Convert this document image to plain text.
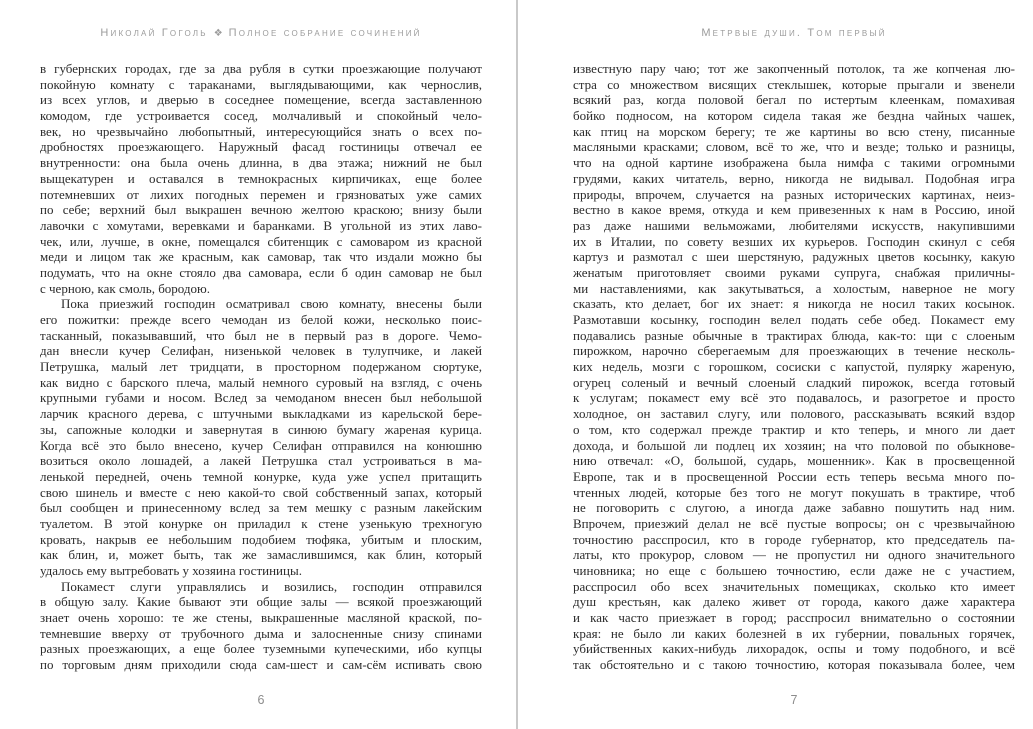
Николай Гоголь ❖ Полное собрание сочинений
в губернских городах, где за два рубля в сутки проезжающие получают
покойную комнату с тараканами, выглядывающими, как чернослив,
из всех углов, и дверью в соседнее помещение, всегда заставленною
комодом, где устроивается сосед, молчаливый и спокойный чело-
век, но чрезвычайно любопытный, интересующийся знать о всех по-
дробностях проезжающего. Наружный фасад гостиницы отвечал ее
внутренности: она была очень длинна, в два этажа; нижний не был
выщекатурен и оставался в темнокрасных кирпичиках, еще более
потемневших от лихих погодных перемен и грязноватых уже самих
по себе; верхний был выкрашен вечною желтою краскою; внизу были
лавочки с хомутами, веревками и баранками. В угольной из этих лаво-
чек, или, лучше, в окне, помещался сбитенщик с самоваром из красной
меди и лицом так же красным, как самовар, так что издали можно бы
подумать, что на окне стояло два самовара, если б один самовар не был
с черною, как смоль, бородою.
Пока приезжий господин осматривал свою комнату, внесены были
его пожитки: прежде всего чемодан из белой кожи, несколько поис-
тасканный, показывавший, что был не в первый раз в дороге. Чемо-
дан внесли кучер Селифан, низенькой человек в тулупчике, и лакей
Петрушка, малый лет тридцати, в просторном подержаном сюртуке,
как видно с барского плеча, малый немного суровый на взгляд, с очень
крупными губами и носом. Вслед за чемоданом внесен был небольшой
ларчик красного дерева, с штучными выкладками из карельской бере-
зы, сапожные колодки и завернутая в синюю бумагу жареная курица.
Когда всё это было внесено, кучер Селифан отправился на конюшню
возиться около лошадей, а лакей Петрушка стал устроиваться в ма-
ленькой передней, очень темной конурке, куда уже успел притащить
свою шинель и вместе с нею какой-то свой собственный запах, который
был сообщен и принесенному вслед за тем мешку с разным лакейским
туалетом. В этой конурке он приладил к стене узенькую трехногую
кровать, накрыв ее небольшим подобием тюфяка, убитым и плоским,
как блин, и, может быть, так же замаслившимся, как блин, который
удалось ему вытребовать у хозяина гостиницы.
Покамест слуги управлялись и возились, господин отправился
в общую залу. Какие бывают эти общие залы — всякой проезжающий
знает очень хорошо: те же стены, выкрашенные масляной краской, по-
темневшие вверху от трубочного дыма и залосненные снизу спинами
разных проезжающих, а еще более туземными купеческими, ибо купцы
по торговым дням приходили сюда сам-шест и сам-сём испивать свою
6
Метрвые души. Том первый
известную пару чаю; тот же закопченный потолок, та же копченая лю-
стра со множеством висящих стеклышек, которые прыгали и звенели
всякий раз, когда половой бегал по истертым клеенкам, помахивая
бойко подносом, на котором сидела такая же бездна чайных чашек,
как птиц на морском берегу; те же картины во всю стену, писанные
масляными красками; словом, всё то же, что и везде; только и разницы,
что на одной картине изображена была нимфа с такими огромными
грудями, каких читатель, верно, никогда не видывал. Подобная игра
природы, впрочем, случается на разных исторических картинах, неиз-
вестно в какое время, откуда и кем привезенных к нам в Россию, иной
раз даже нашими вельможами, любителями искусств, накупившими
их в Италии, по совету везших их курьеров. Господин скинул с себя
картуз и размотал с шеи шерстяную, радужных цветов косынку, какую
женатым приготовляет своими руками супруга, снабжая приличны-
ми наставлениями, как закутываться, а холостым, наверное не могу
сказать, кто делает, бог их знает: я никогда не носил таких косынок.
Размотавши косынку, господин велел подать себе обед. Покамест ему
подавались разные обычные в трактирах блюда, как-то: щи с слоеным
пирожком, нарочно сберегаемым для проезжающих в течение несколь-
ких недель, мозги с горошком, сосиски с капустой, пулярку жареную,
огурец соленый и вечный слоеный сладкий пирожок, всегда готовый
к услугам; покамест ему всё это подавалось, и разогретое и просто
холодное, он заставил слугу, или полового, рассказывать всякий вздор
о том, кто содержал прежде трактир и кто теперь, и много ли дает
дохода, и большой ли подлец их хозяин; на что половой по обыкнове-
нию отвечал: «О, большой, сударь, мошенник». Как в просвещенной
Европе, так и в просвещенной России есть теперь весьма много по-
чтенных людей, которые без того не могут покушать в трактире, чтоб
не поговорить с слугою, а иногда даже забавно пошутить над ним.
Впрочем, приезжий делал не всё пустые вопросы; он с чрезвычайною
точностию расспросил, кто в городе губернатор, кто председатель па-
латы, кто прокурор, словом — не пропустил ни одного значительного
чиновника; но еще с большею точностию, если даже не с участием,
расспросил обо всех значительных помещиках, сколько кто имеет
душ крестьян, как далеко живет от города, какого даже характера
и как часто приезжает в город; расспросил внимательно о состоянии
края: не было ли каких болезней в их губернии, повальных горячек,
убийственных каких-нибудь лихорадок, оспы и тому подобного, и всё
так обстоятельно и с такою точностию, которая показывала более, чем
7
